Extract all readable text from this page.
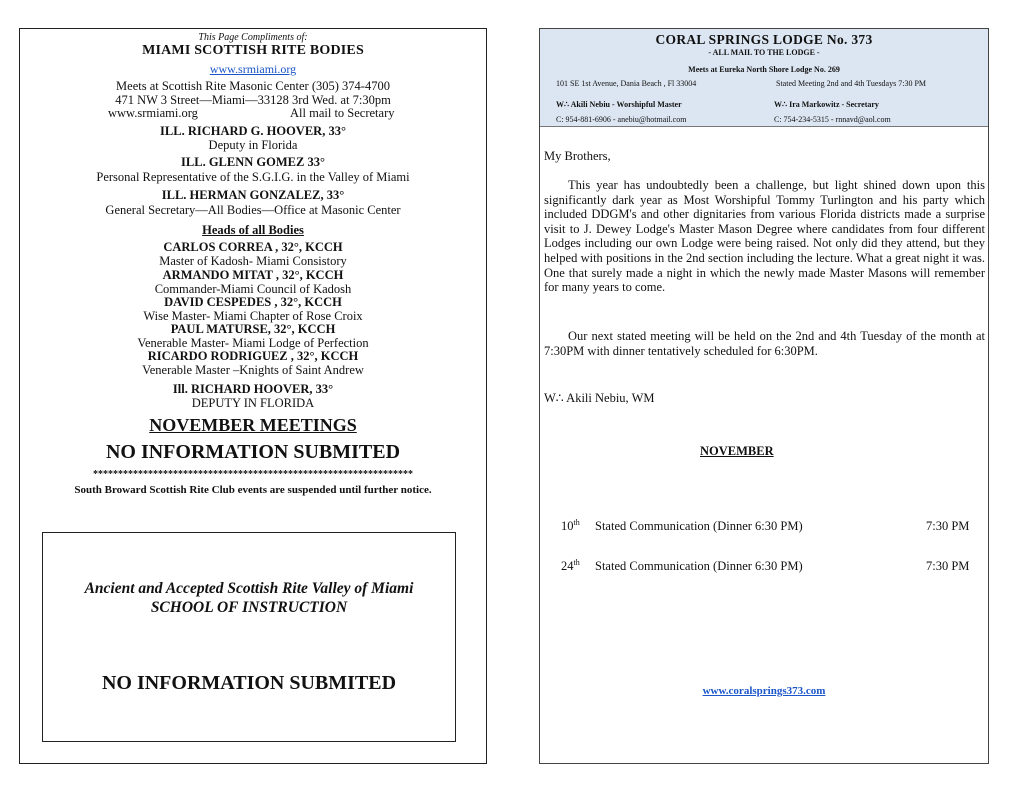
This Page Compliments of:
MIAMI SCOTTISH RITE BODIES
www.srmiami.org
Meets at Scottish Rite Masonic Center (305) 374-4700
471 NW 3 Street—Miami—33128 3rd Wed. at 7:30pm
www.srmiami.org	All mail to Secretary
ILL. RICHARD G. HOOVER, 33°
Deputy in Florida
ILL. GLENN GOMEZ 33°
Personal Representative of the S.G.I.G. in the Valley of Miami
ILL. HERMAN GONZALEZ, 33°
General Secretary—All Bodies—Office at Masonic Center
Heads of all Bodies
CARLOS CORREA , 32°, KCCH
Master of Kadosh- Miami Consistory
ARMANDO MITAT , 32°, KCCH
Commander-Miami Council of Kadosh
DAVID CESPEDES , 32°, KCCH
Wise Master- Miami Chapter of Rose Croix
PAUL MATURSE, 32°, KCCH
Venerable Master- Miami Lodge of Perfection
RICARDO RODRIGUEZ , 32°, KCCH
Venerable Master –Knights of Saint Andrew
Ill. RICHARD HOOVER, 33°
DEPUTY IN FLORIDA
NOVEMBER MEETINGS
NO INFORMATION SUBMITED
****************************************************************
South Broward Scottish Rite Club events are suspended until further notice.
Ancient and Accepted Scottish Rite Valley of Miami
SCHOOL OF INSTRUCTION
NO INFORMATION SUBMITED
CORAL SPRINGS LODGE No. 373
- ALL MAIL TO THE LODGE -
Meets at Eureka North Shore Lodge No. 269
101 SE 1st Avenue, Dania Beach , Fl 33004	Stated Meeting 2nd and 4th Tuesdays 7:30 PM
W∴ Akili Nebiu - Worshipful Master	W∴ Ira Markowitz - Secretary
C: 954-881-6906 - anebiu@hotmail.com	C: 754-234-5315 - rnnavd@aol.com
My Brothers,
This year has undoubtedly been a challenge, but light shined down upon this significantly dark year as Most Worshipful Tommy Turlington and his party which included DDGM's and other dignitaries from various Florida districts made a surprise visit to J. Dewey Lodge's Master Mason Degree where candidates from four different Lodges including our own Lodge were being raised. Not only did they attend, but they helped with positions in the 2nd section including the lecture. What a great night it was. One that surely made a night in which the newly made Master Masons will remember for many years to come.
Our next stated meeting will be held on the 2nd and 4th Tuesday of the month at 7:30PM with dinner tentatively scheduled for 6:30PM.
W∴ Akili Nebiu, WM
NOVEMBER
10th Stated Communication (Dinner 6:30 PM)	7:30 PM
24th Stated Communication (Dinner 6:30 PM)	7:30 PM
www.coralsprings373.com
